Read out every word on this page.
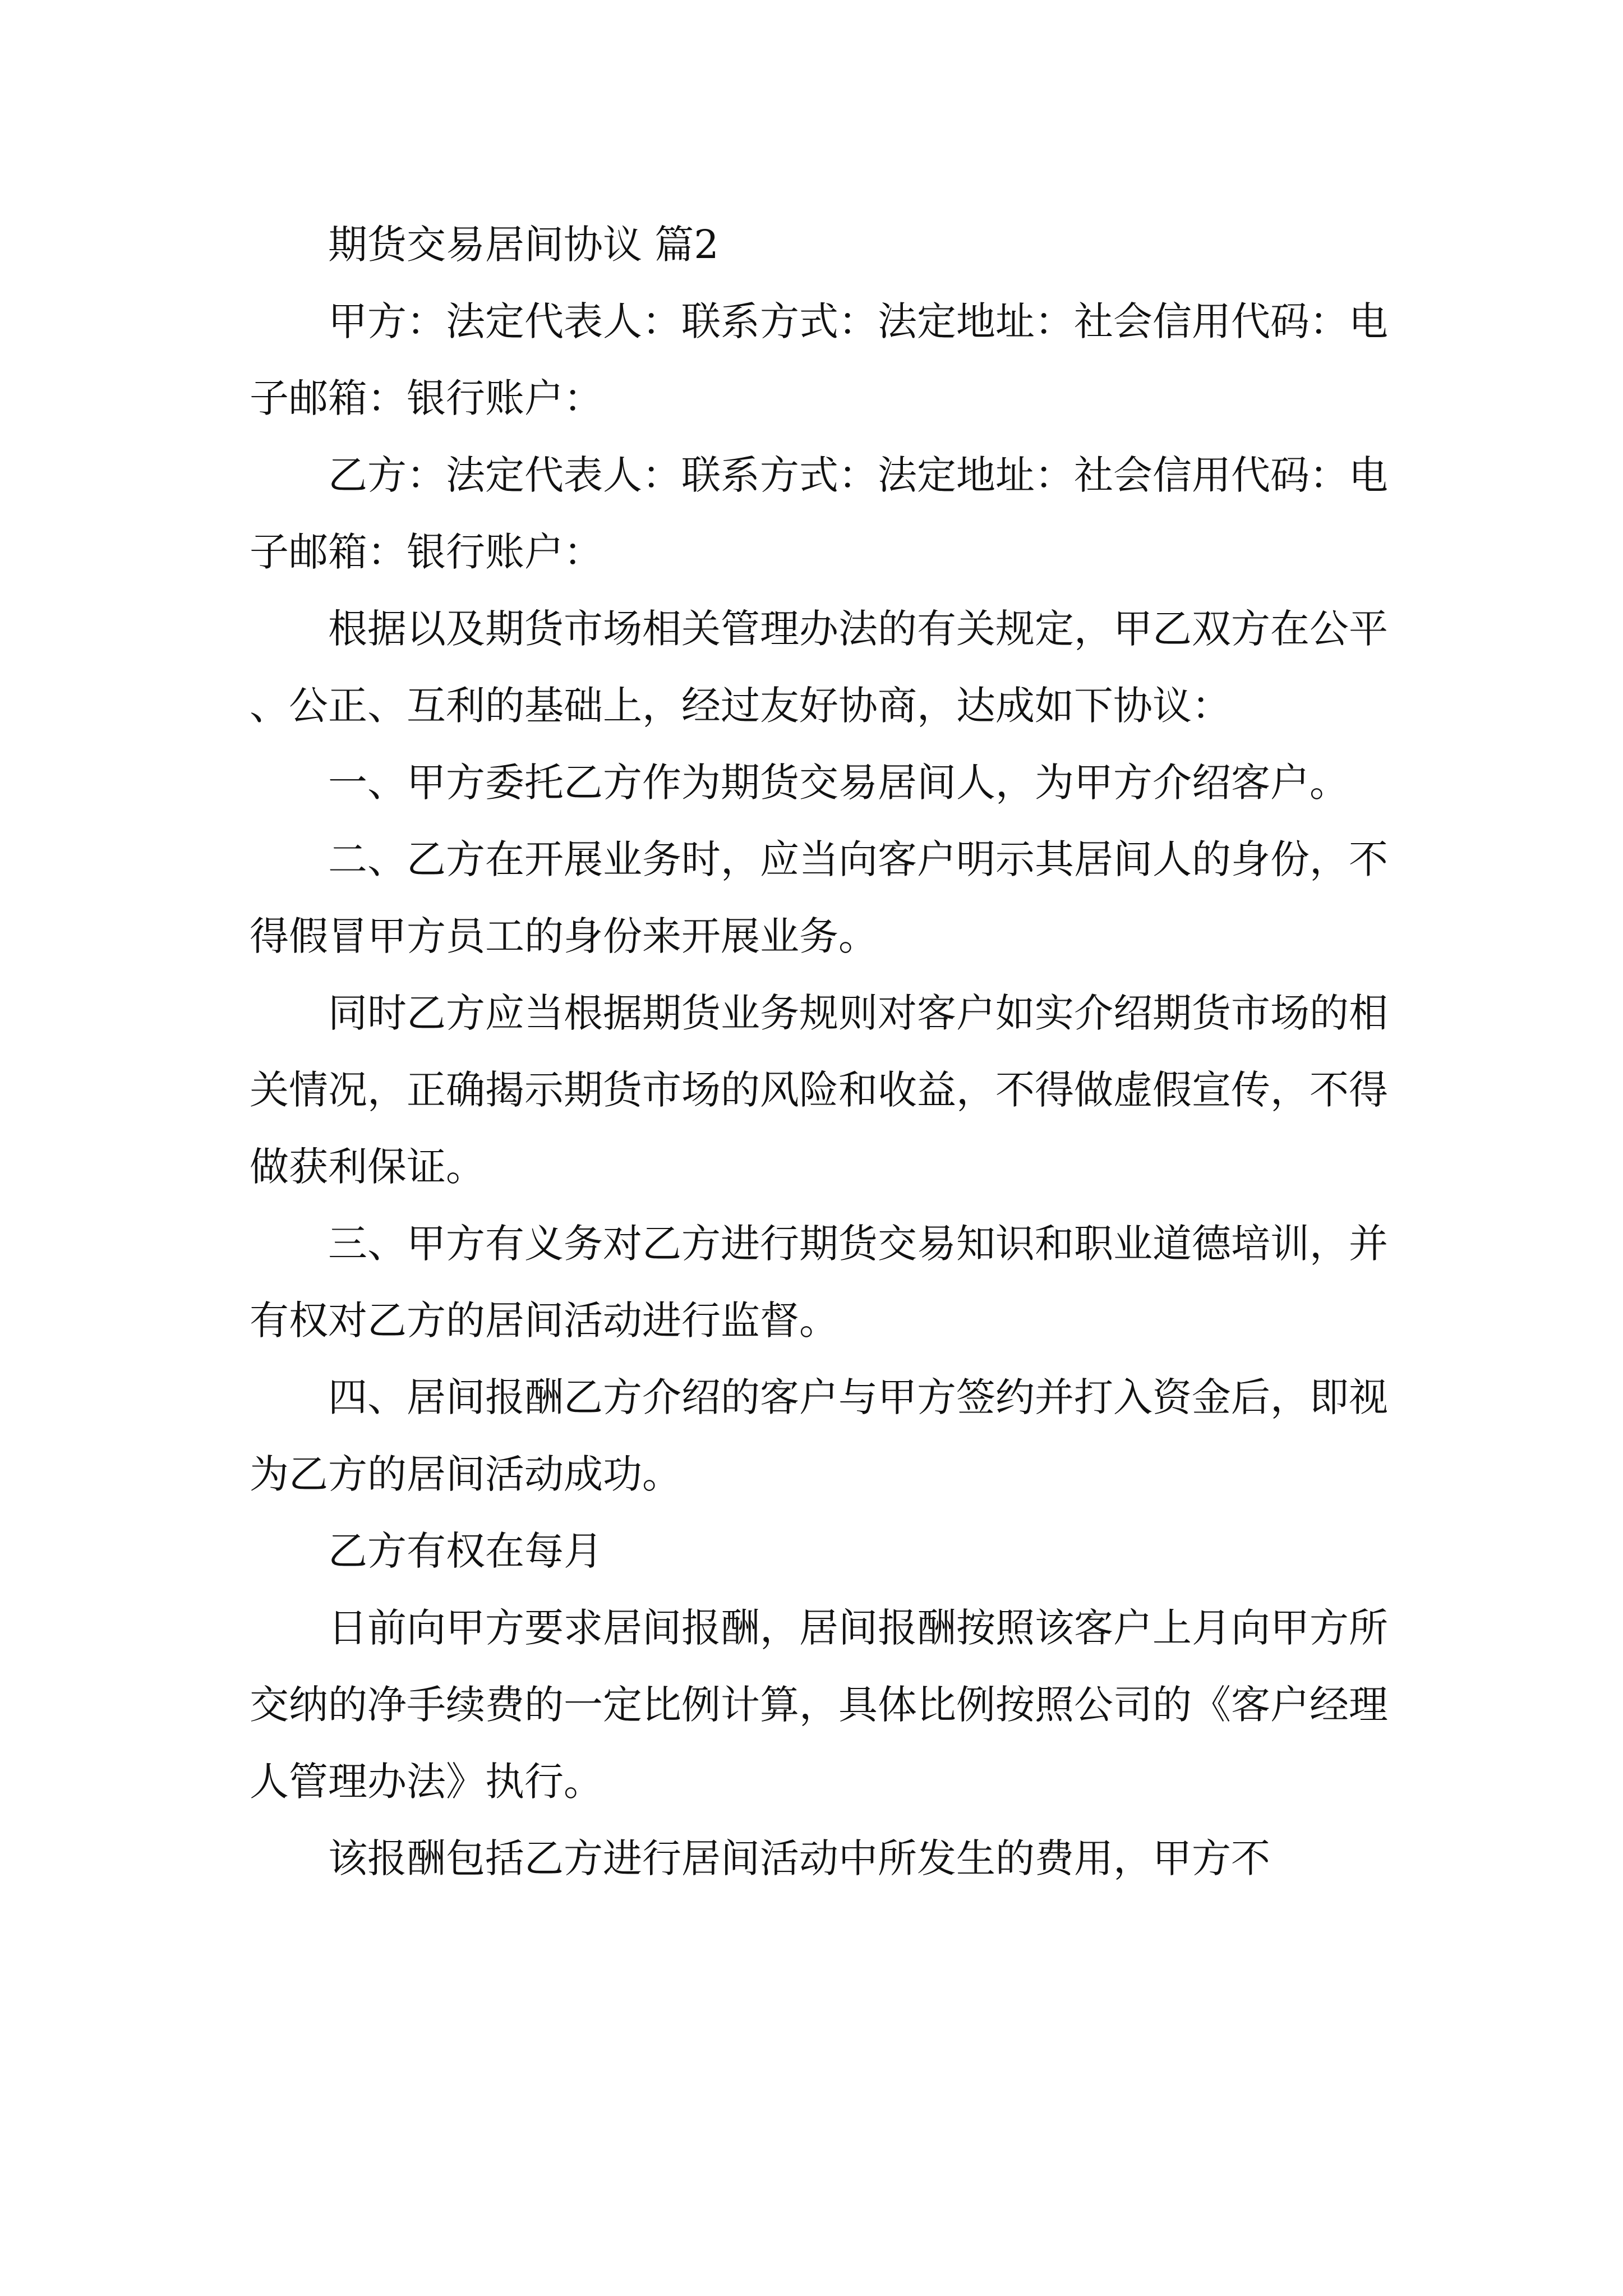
期货交易居间协议 篇2

甲方：法定代表人：联系方式：法定地址：社会信用代码：电子邮箱：银行账户：

乙方：法定代表人：联系方式：法定地址：社会信用代码：电子邮箱：银行账户：

根据以及期货市场相关管理办法的有关规定，甲乙双方在公平、公正、互利的基础上，经过友好协商，达成如下协议：

一、甲方委托乙方作为期货交易居间人，为甲方介绍客户。

二、乙方在开展业务时，应当向客户明示其居间人的身份，不得假冒甲方员工的身份来开展业务。

同时乙方应当根据期货业务规则对客户如实介绍期货市场的相关情况，正确揭示期货市场的风险和收益，不得做虚假宣传，不得做获利保证。

三、甲方有义务对乙方进行期货交易知识和职业道德培训，并有权对乙方的居间活动进行监督。

四、居间报酬乙方介绍的客户与甲方签约并打入资金后，即视为乙方的居间活动成功。

乙方有权在每月

日前向甲方要求居间报酬，居间报酬按照该客户上月向甲方所交纳的净手续费的一定比例计算，具体比例按照公司的《客户经理人管理办法》执行。

该报酬包括乙方进行居间活动中所发生的费用，甲方不
